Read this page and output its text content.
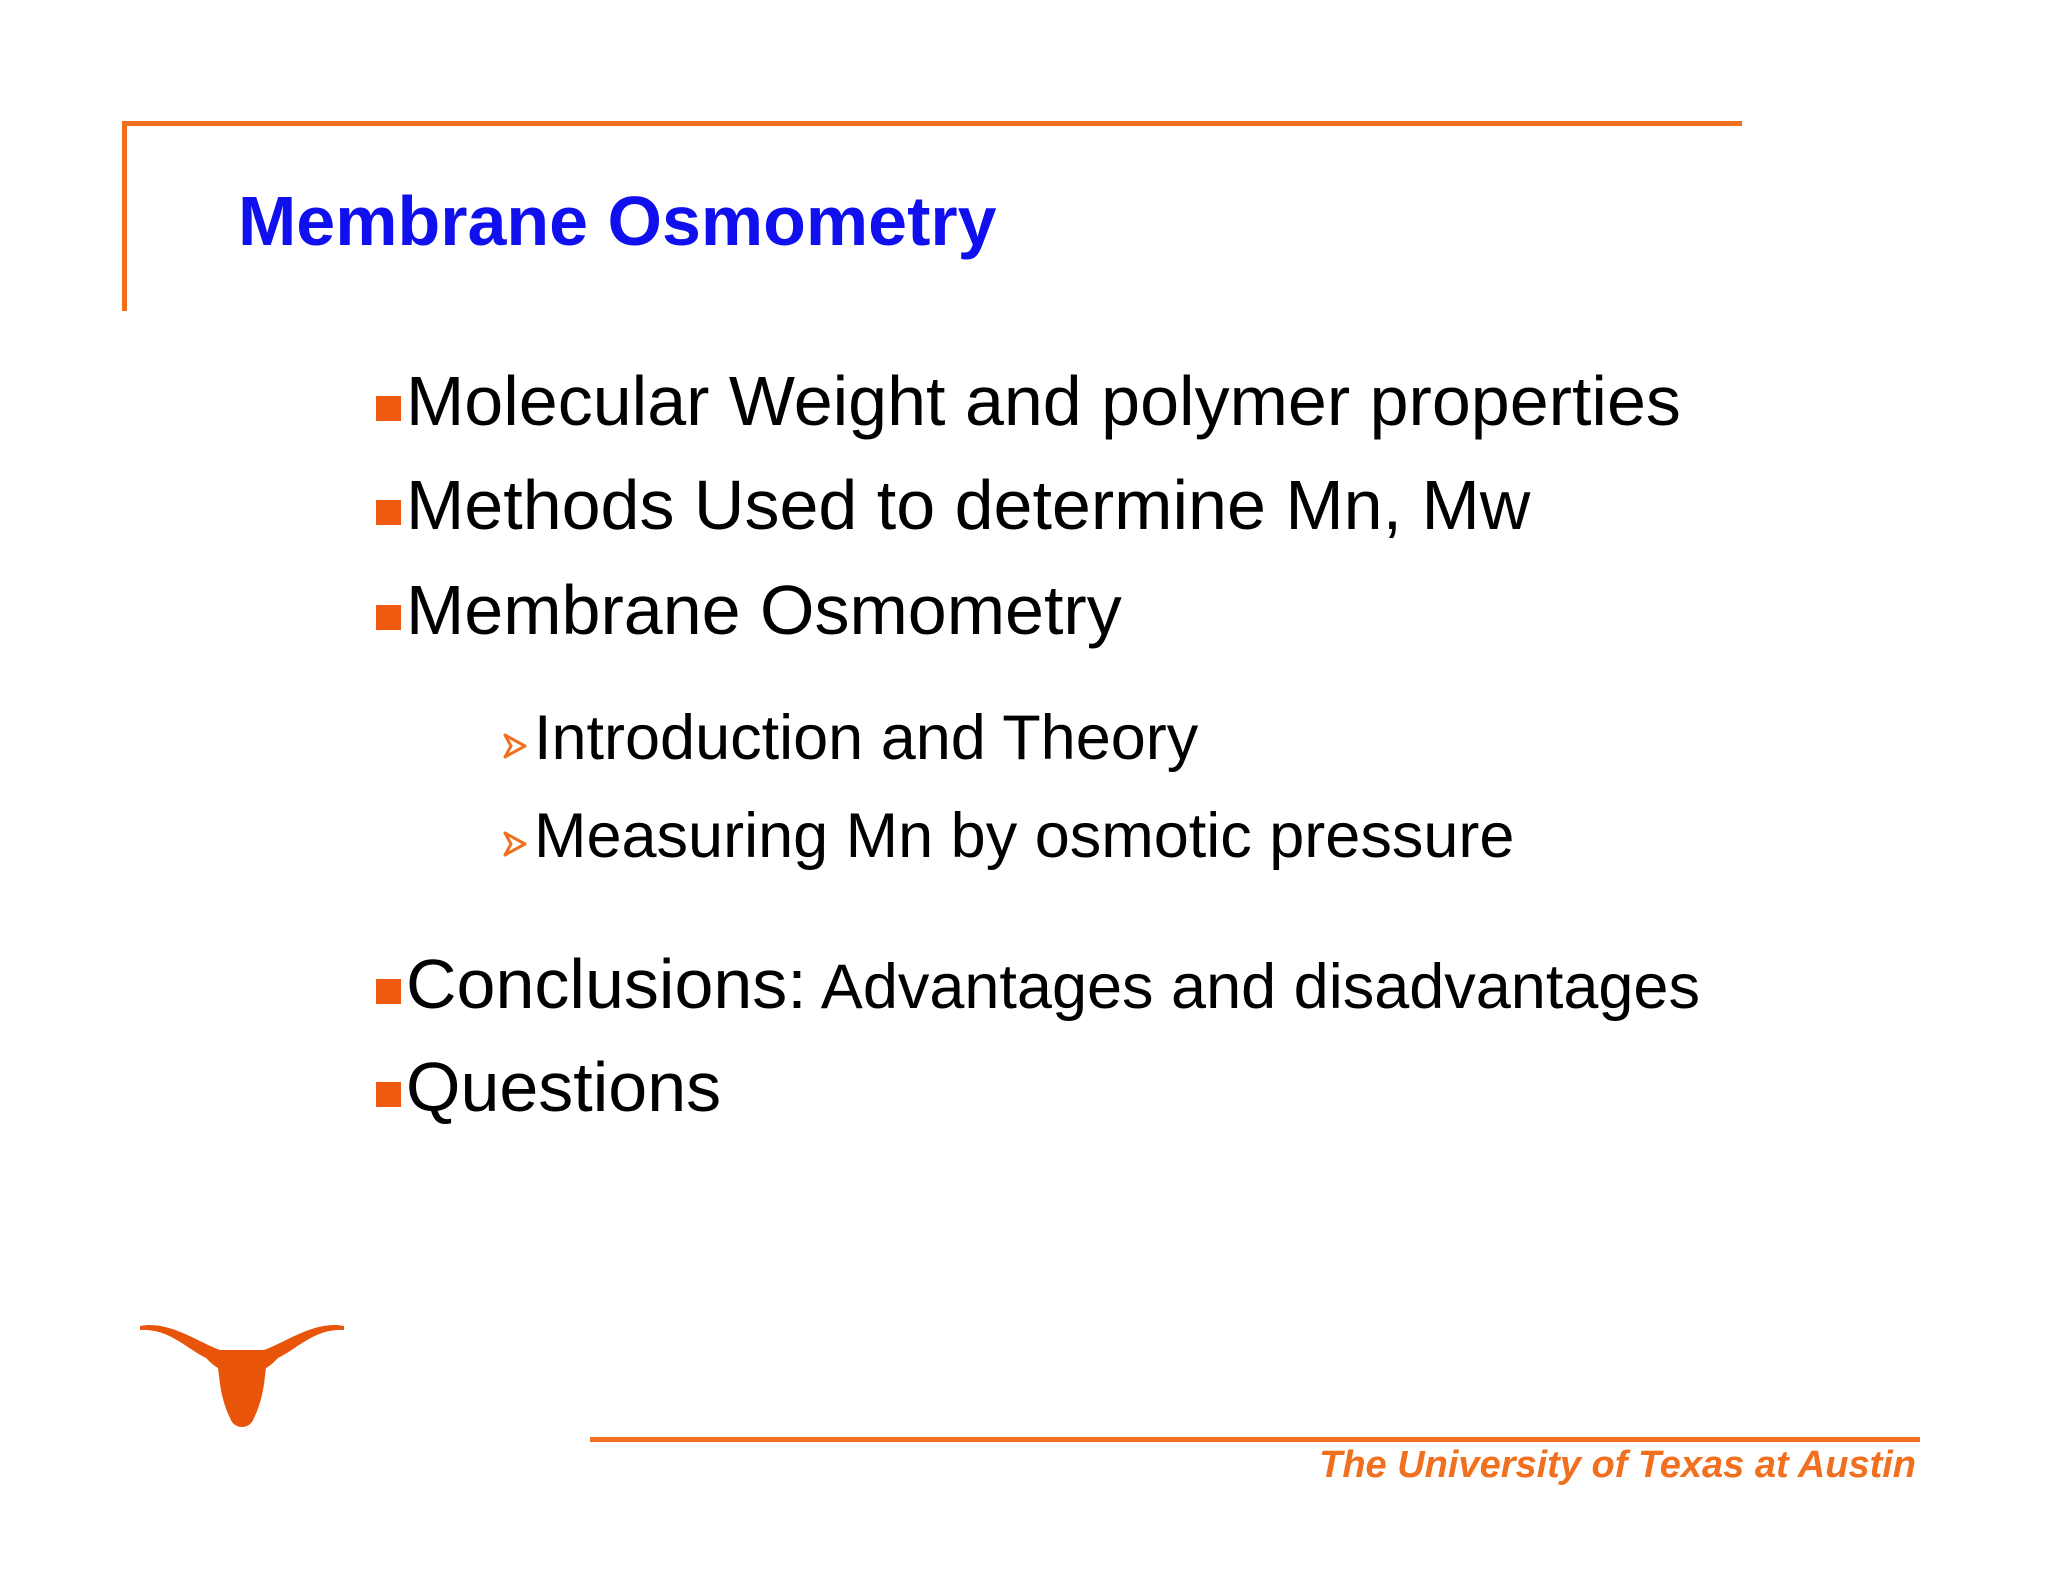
Membrane Osmometry
Molecular Weight and polymer properties
Methods Used to determine Mn, Mw
Membrane Osmometry
Introduction and Theory
Measuring Mn by osmotic pressure
Conclusions: Advantages and disadvantages
Questions
The University of Texas at Austin
